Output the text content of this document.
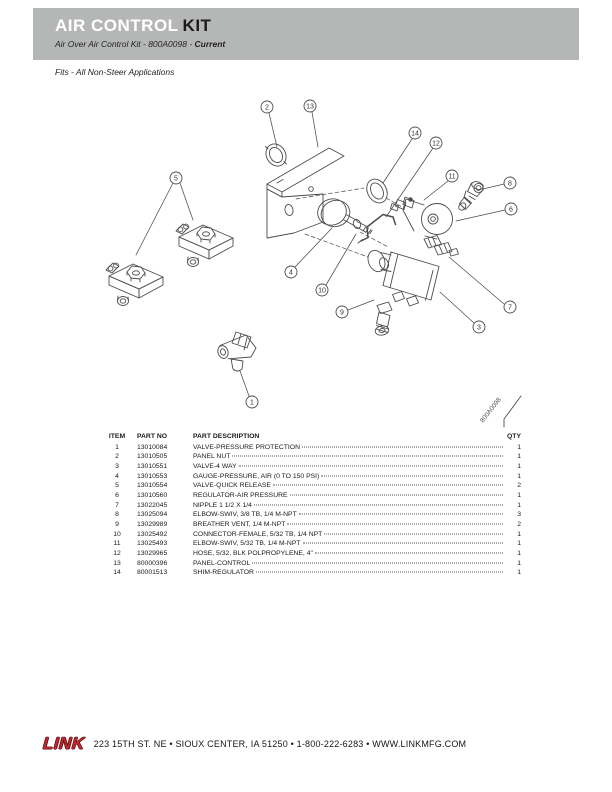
AIR CONTROL KIT
Air Over Air Control Kit - 800A0098 - Current
Fits - All Non-Steer Applications
800A0098
1
2
3
4
5
6
7
8
9
10
11
12
13
14
ITEM	PART NO	PART DESCRIPTION	QTY
1	13010084	VALVE-PRESSURE PROTECTION	1
2	13010505	PANEL NUT	1
3	13010551	VALVE-4 WAY	1
4	13010553	GAUGE-PRESSURE, AIR (0 TO 150 PSI)	1
5	13010554	VALVE-QUICK RELEASE	2
6	13010560	REGULATOR-AIR PRESSURE	1
7	13022045	NIPPLE 1 1/2 X 1/4	1
8	13025094	ELBOW-SWIV, 3/8 TB, 1/4 M-NPT	3
9	13029989	BREATHER VENT, 1/4 M-NPT	2
10	13025492	CONNECTOR-FEMALE, 5/32 TB, 1/4 NPT	1
11	13025493	ELBOW-SWIV, 5/32 TB, 1/4 M-NPT	1
12	13029965	HOSE, 5/32, BLK POLPROPYLENE, 4"	1
13	80000396	PANEL-CONTROL	1
14	80001513	SHIM-REGULATOR	1
LINK 223 15TH ST. NE • SIOUX CENTER, IA 51250 • 1-800-222-6283 • WWW.LINKMFG.COM
